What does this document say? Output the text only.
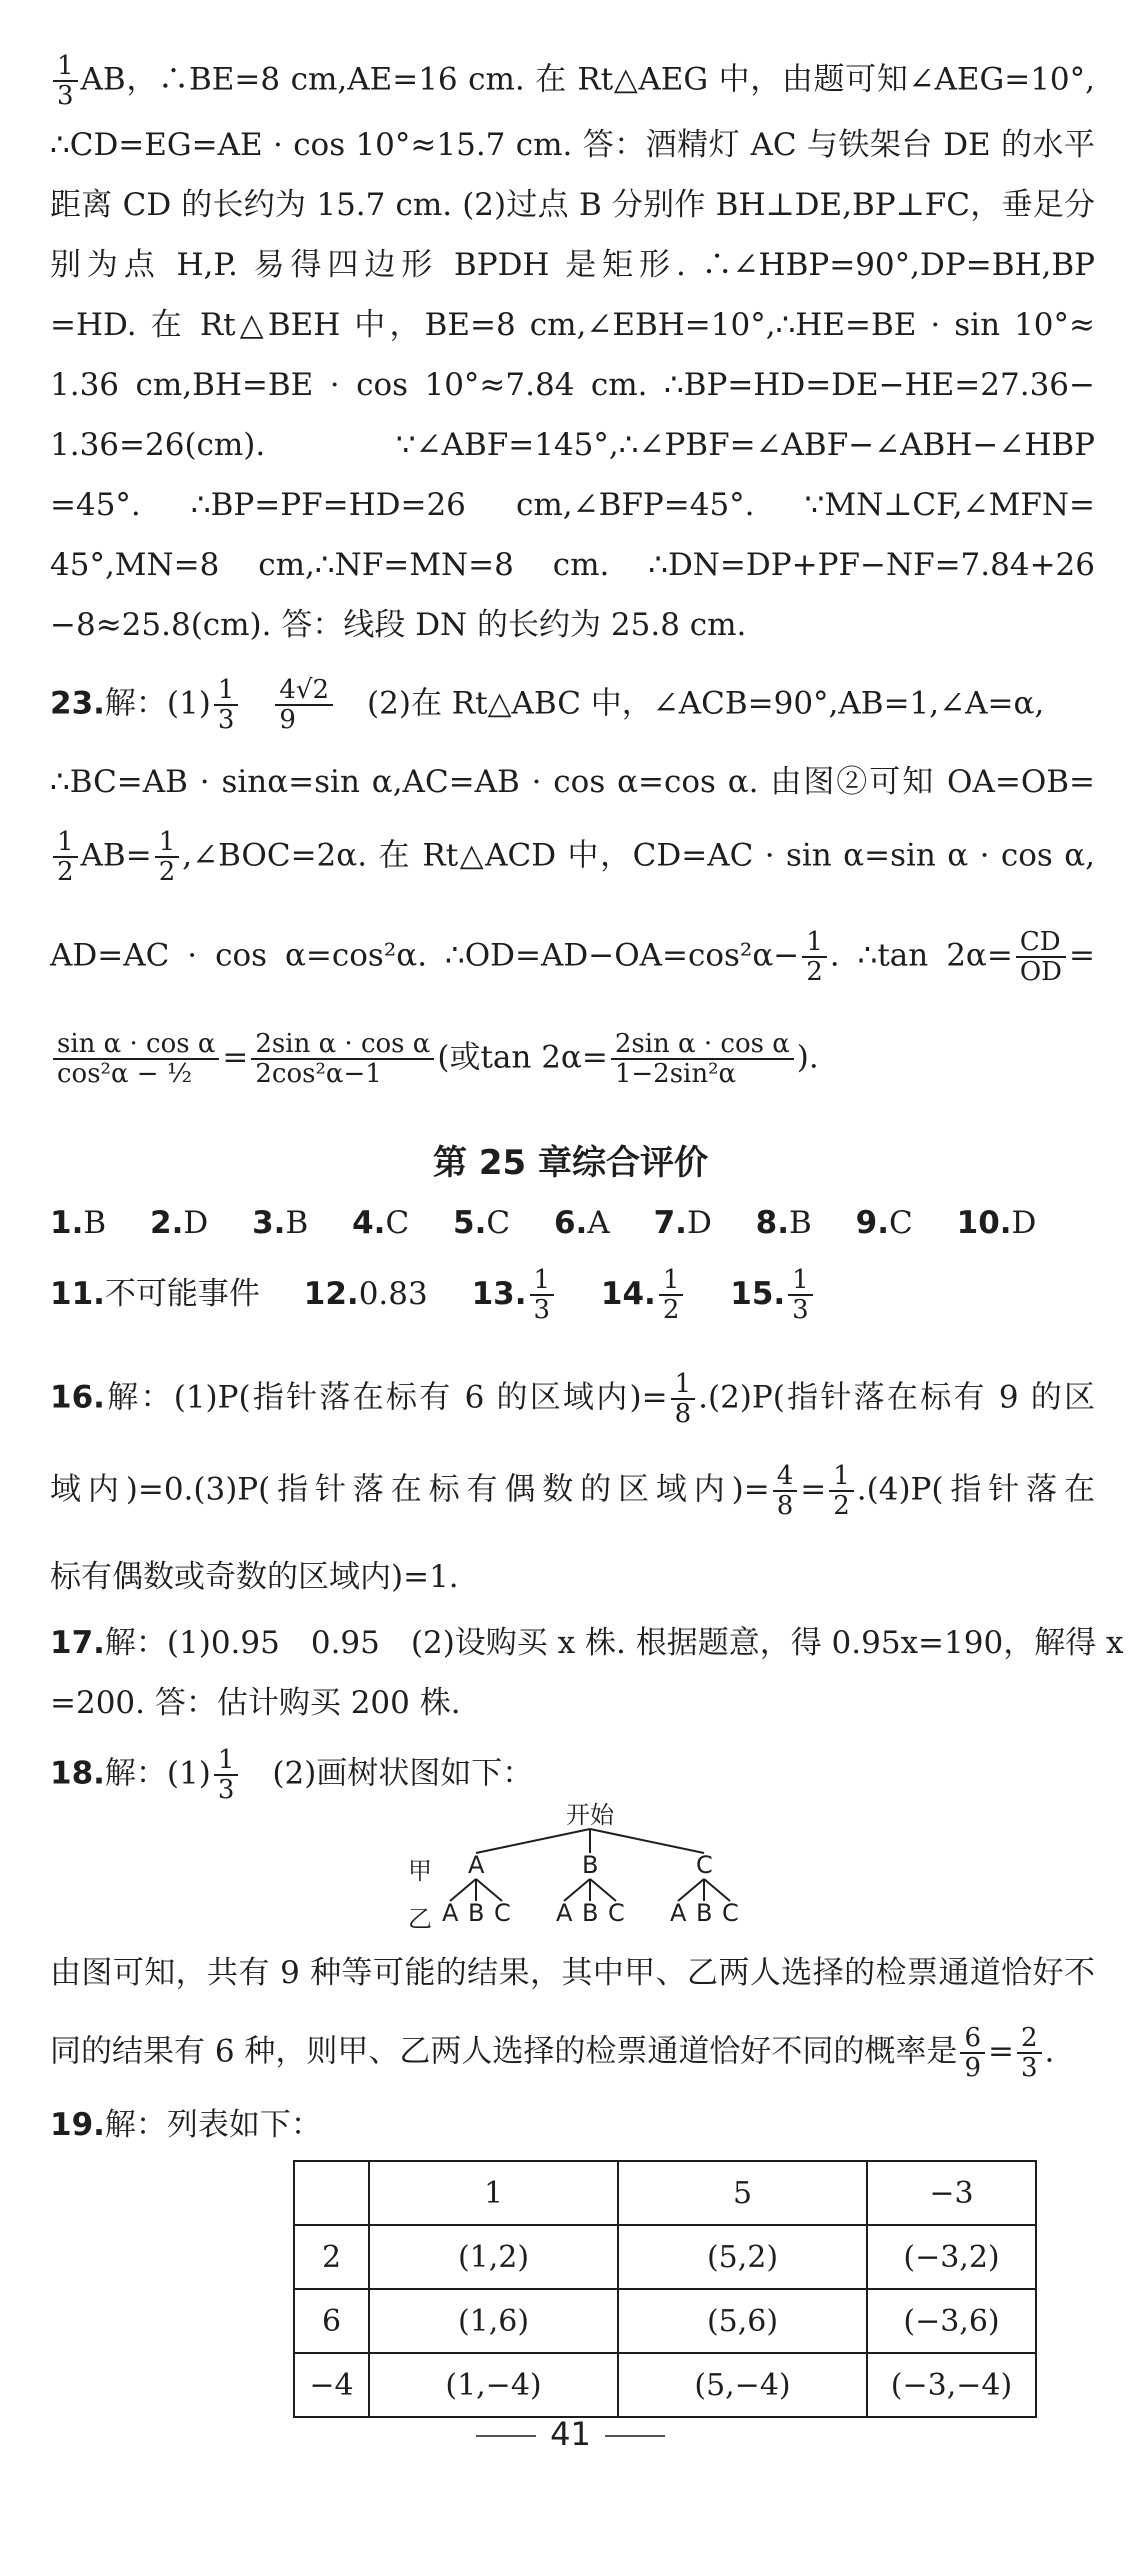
$\frac{1}{3}$ AB，∴BE=8 cm,AE=16 cm. 在 Rt△AEG 中，由题可知∠AEG=10°,
∴CD=EG=AE · cos 10°≈15.7 cm. 答：酒精灯 AC 与铁架台 DE 的水平
距离 CD 的长约为 15.7 cm. (2)过点 B 分别作 BH⊥DE,BP⊥FC，垂足分
别为点 H,P. 易得四边形 BPDH 是矩形. ∴∠HBP=90°,DP=BH,BP
=HD. 在 Rt△BEH 中，BE=8 cm,∠EBH=10°,∴HE=BE · sin 10°≈
1.36 cm,BH=BE · cos 10°≈7.84 cm. ∴BP=HD=DE−HE=27.36−
1.36=26(cm). ∵∠ABF=145°,∴∠PBF=∠ABF−∠ABH−∠HBP
=45°. ∴BP=PF=HD=26 cm,∠BFP=45°. ∵MN⊥CF,∠MFN=
45°,MN=8 cm,∴NF=MN=8 cm. ∴DN=DP+PF−NF=7.84+26
−8≈25.8(cm). 答：线段 DN 的长约为 25.8 cm.
23.解：$(1) \frac{1}{3}$
　 $\frac{4√2}{9}$
　 (2)在 Rt△ABC 中，∠ACB=90°,AB=1,∠A=α,
∴BC=AB · sinα=sin α,AC=AB · cos α=cos α. 由图②可知 OA=OB=
$\frac{1}{2} AB= \frac{1}{2}$ ,∠BOC=2α. 在 Rt△ACD 中，CD=AC · sin α=sin α · cos α,
AD=AC · cos α=cos²α. ∴OD=AD−OA=cos²α− $\frac{1}{2}$ . ∴tan $2\alpha= \frac{CD}{OD}$ =
$\frac{\text{sin α · cos α}}{\text{cos²α − ½}} = \frac{\text{2sin α · cos α}}{\text{2cos²α−1}}$ (或$\tan 2\alpha= \frac{\text{2sin α · cos α}}{\text{1−2sin²α}}$ ).
第 25 章综合评价
1.B 2.D 3.B 4.C 5.C 6.A 7.D 8.B 9.C 10.D
11.不可能事件 12.0.83 13. $\frac{1}{3} 14$. $\frac{1}{2} 15$. $\frac{1}{3}$
16.解：(1)P(指针落在标有 6 的区域内)= $\frac{1}{8} .(2)P$(指针落在标有 9 的区
域内)=0.(3)P(指针落在标有偶数的区域内)= $\frac{4}{8} = \frac{1}{2} .(4)P$(指针落在
标有偶数或奇数的区域内)=1.
17.解：(1)0.95　0.95　(2)设购买 x 株. 根据题意，得 0.95x=190，解得 x
=200. 答：估计购买 200 株.
18.解：$(1) \frac{1}{3}$
　 (2)画树状图如下：
开始
甲
乙
A	B	C
A B C A B C A B C
由图可知，共有 9 种等可能的结果，其中甲、乙两人选择的检票通道恰好不
同的结果有 6 种，则甲、乙两人选择的检票通道恰好不同的概率是 $\frac{6}{9} = \frac{2}{3}$ .
19.解：列表如下：
	1	5	−3
2	(1,2)	(5,2)	(−3,2)
6	(1,6)	(5,6)	(−3,6)
−4	(1,−4)	(5,−4)	(−3,−4)
41
